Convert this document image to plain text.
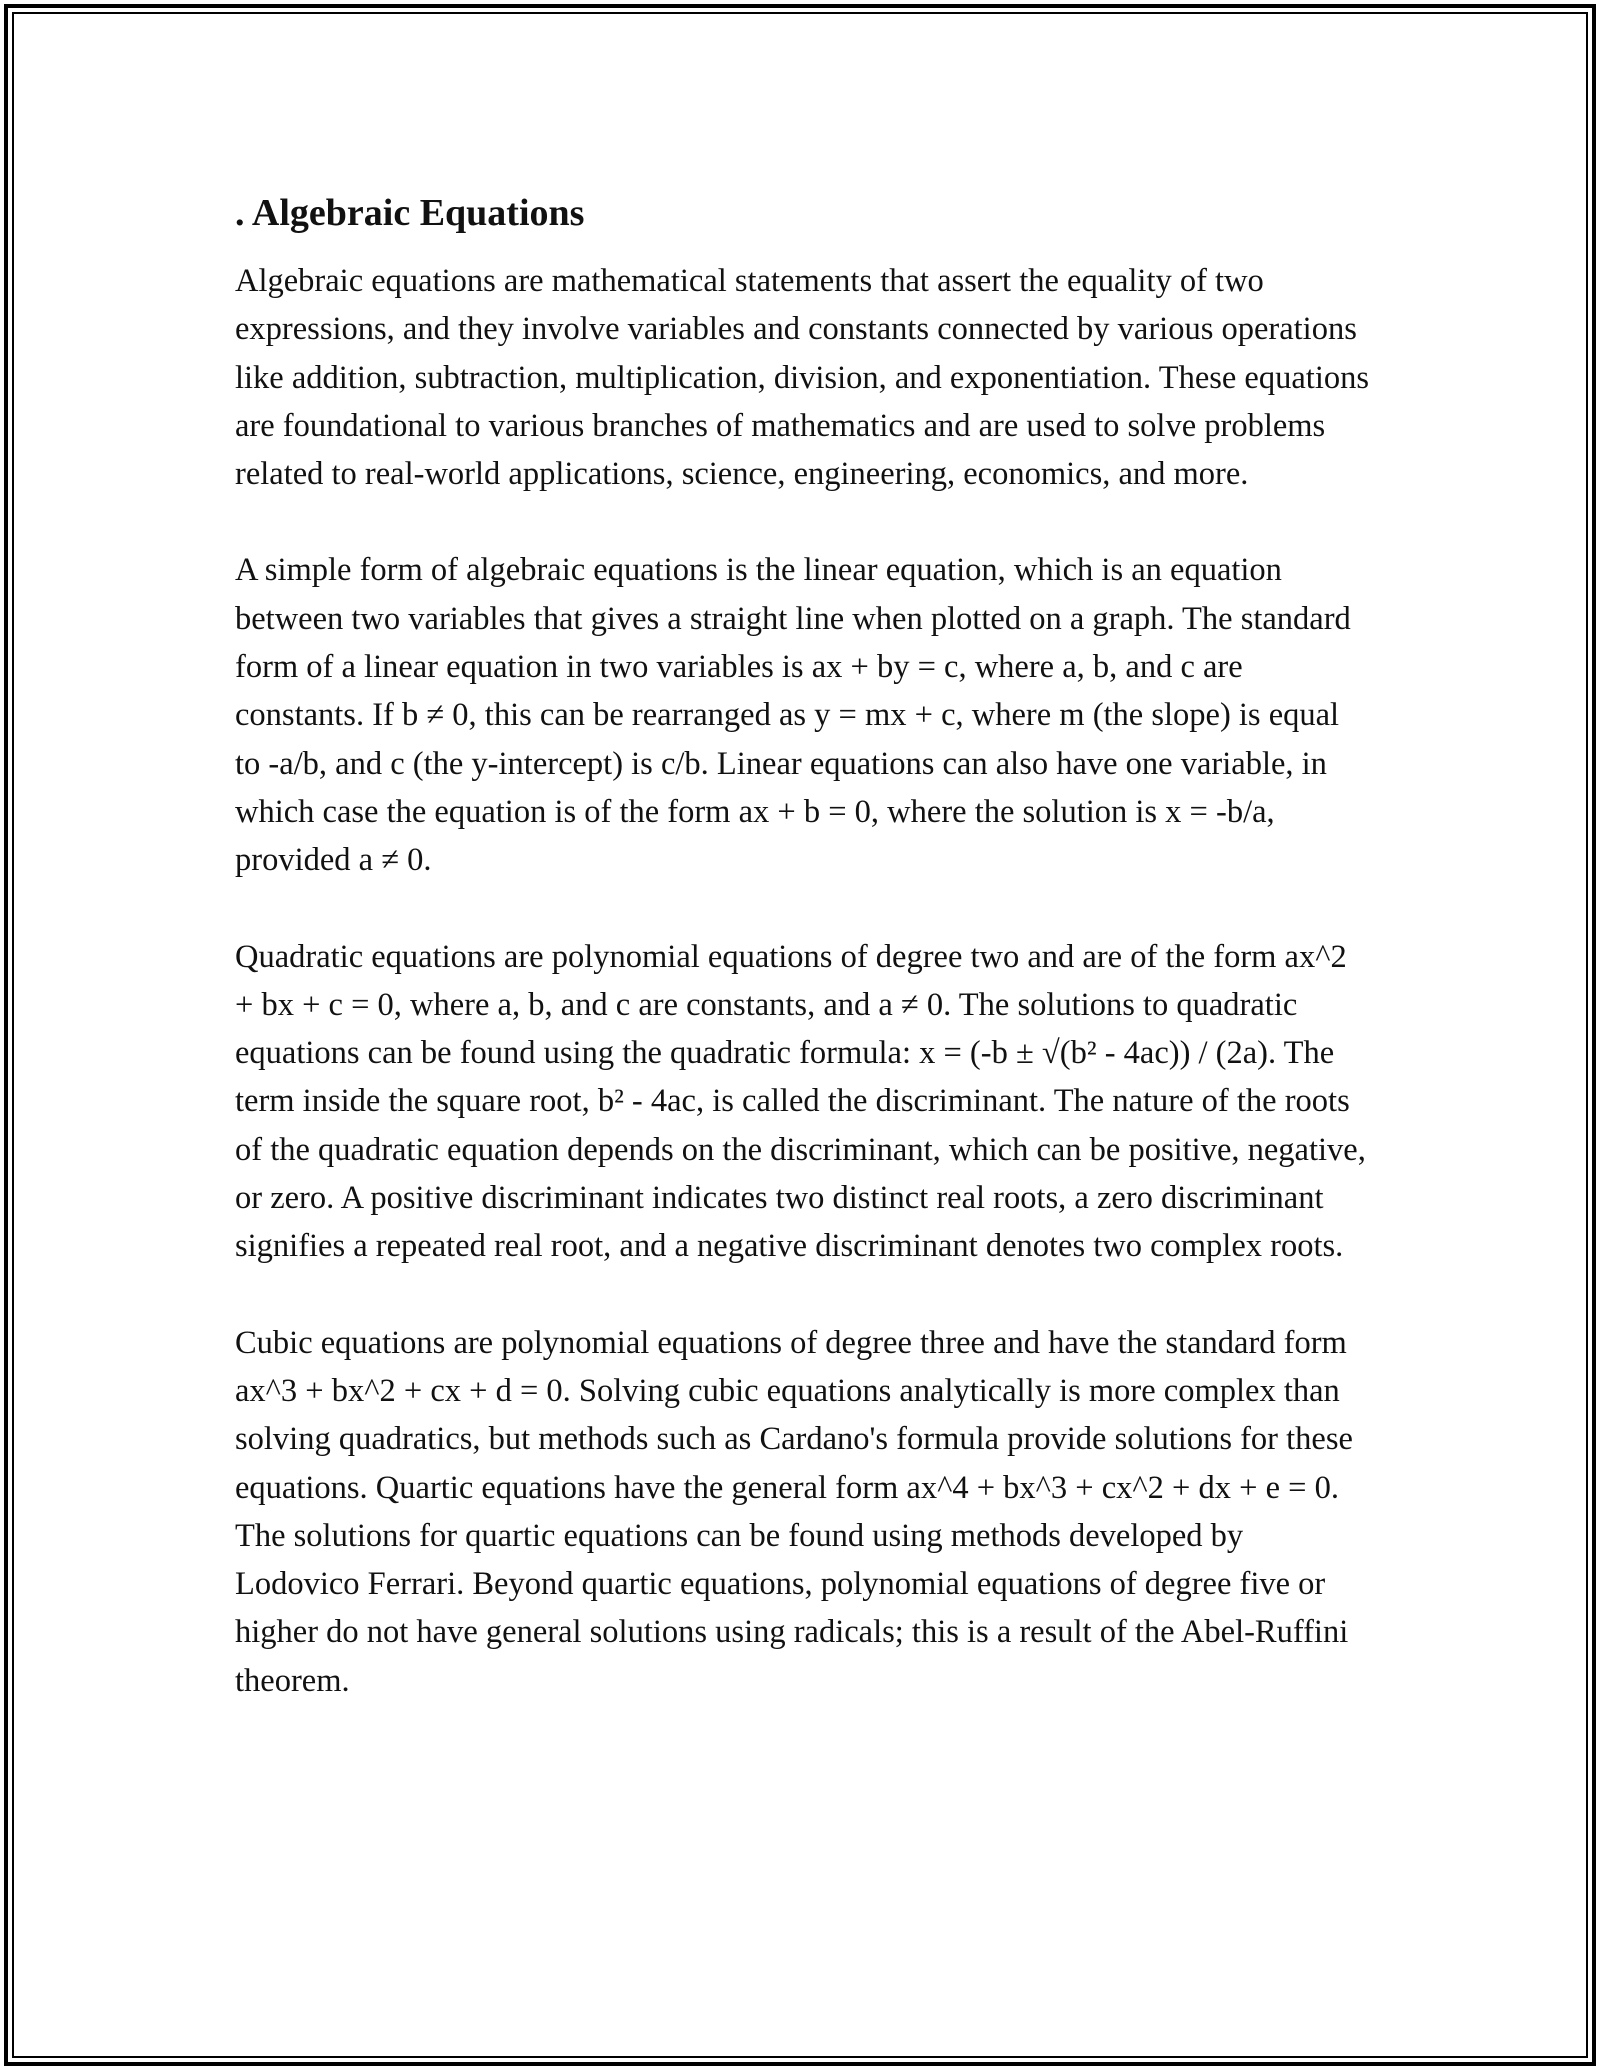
. Algebraic Equations

Algebraic equations are mathematical statements that assert the equality of two expressions, and they involve variables and constants connected by various operations like addition, subtraction, multiplication, division, and exponentiation. These equations are foundational to various branches of mathematics and are used to solve problems related to real-world applications, science, engineering, economics, and more.

A simple form of algebraic equations is the linear equation, which is an equation between two variables that gives a straight line when plotted on a graph. The standard form of a linear equation in two variables is ax + by = c, where a, b, and c are constants. If b ≠ 0, this can be rearranged as y = mx + c, where m (the slope) is equal to -a/b, and c (the y-intercept) is c/b. Linear equations can also have one variable, in which case the equation is of the form ax + b = 0, where the solution is x = -b/a, provided a ≠ 0.

Quadratic equations are polynomial equations of degree two and are of the form ax^2 + bx + c = 0, where a, b, and c are constants, and a ≠ 0. The solutions to quadratic equations can be found using the quadratic formula: x = (-b ± √(b² - 4ac)) / (2a). The term inside the square root, b² - 4ac, is called the discriminant. The nature of the roots of the quadratic equation depends on the discriminant, which can be positive, negative, or zero. A positive discriminant indicates two distinct real roots, a zero discriminant signifies a repeated real root, and a negative discriminant denotes two complex roots.

Cubic equations are polynomial equations of degree three and have the standard form ax^3 + bx^2 + cx + d = 0. Solving cubic equations analytically is more complex than solving quadratics, but methods such as Cardano's formula provide solutions for these equations. Quartic equations have the general form ax^4 + bx^3 + cx^2 + dx + e = 0. The solutions for quartic equations can be found using methods developed by Lodovico Ferrari. Beyond quartic equations, polynomial equations of degree five or higher do not have general solutions using radicals; this is a result of the Abel-Ruffini theorem.
